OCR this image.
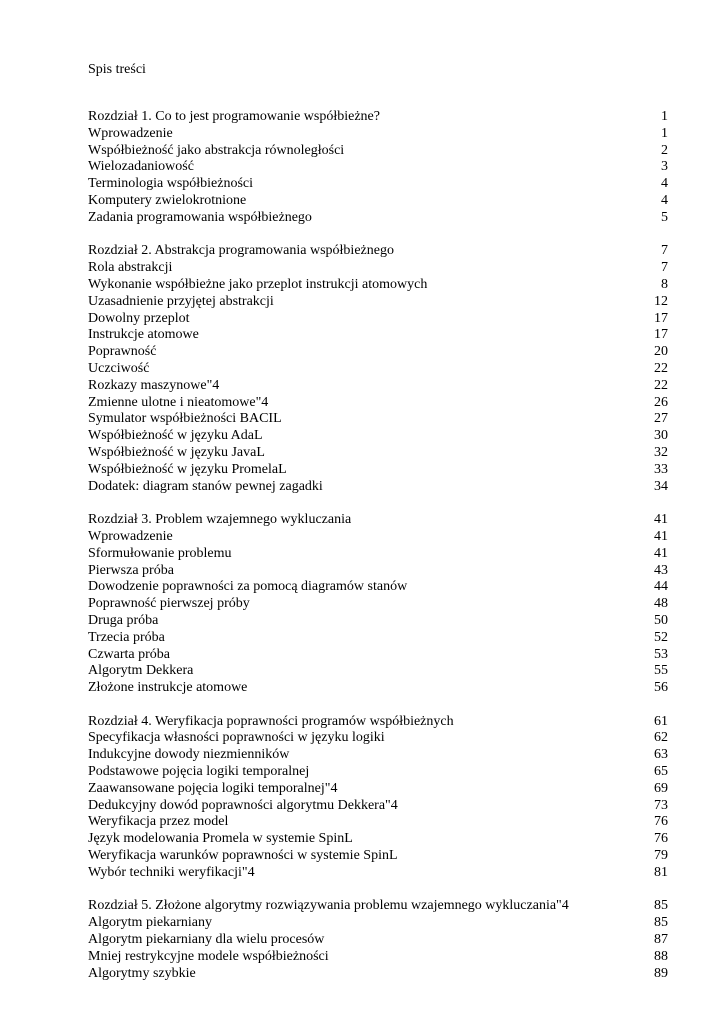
Spis treści
Rozdział 1. Co to jest programowanie współbieżne?	1
Wprowadzenie	1
Współbieżność jako abstrakcja równoległości	2
Wielozadaniowość	3
Terminologia współbieżności	4
Komputery zwielokrotnione	4
Zadania programowania współbieżnego	5
Rozdział 2. Abstrakcja programowania współbieżnego	7
Rola abstrakcji	7
Wykonanie współbieżne jako przeplot instrukcji atomowych	8
Uzasadnienie przyjętej abstrakcji	12
Dowolny przeplot	17
Instrukcje atomowe	17
Poprawność	20
Uczciwość	22
Rozkazy maszynowe"4	22
Zmienne ulotne i nieatomowe"4	26
Symulator współbieżności BACIL	27
Współbieżność w języku AdaL	30
Współbieżność w języku JavaL	32
Współbieżność w języku PromelaL	33
Dodatek: diagram stanów pewnej zagadki	34
Rozdział 3. Problem wzajemnego wykluczania	41
Wprowadzenie	41
Sformułowanie problemu	41
Pierwsza próba	43
Dowodzenie poprawności za pomocą diagramów stanów	44
Poprawność pierwszej próby	48
Druga próba	50
Trzecia próba	52
Czwarta próba	53
Algorytm Dekkera	55
Złożone instrukcje atomowe	56
Rozdział 4. Weryfikacja poprawności programów współbieżnych	61
Specyfikacja własności poprawności w języku logiki	62
Indukcyjne dowody niezmienników	63
Podstawowe pojęcia logiki temporalnej	65
Zaawansowane pojęcia logiki temporalnej"4	69
Dedukcyjny dowód poprawności algorytmu Dekkera"4	73
Weryfikacja przez model	76
Język modelowania Promela w systemie SpinL	76
Weryfikacja warunków poprawności w systemie SpinL	79
Wybór techniki weryfikacji"4	81
Rozdział 5. Złożone algorytmy rozwiązywania problemu wzajemnego wykluczania"4	85
Algorytm piekarniany	85
Algorytm piekarniany dla wielu procesów	87
Mniej restrykcyjne modele współbieżności	88
Algorytmy szybkie	89
